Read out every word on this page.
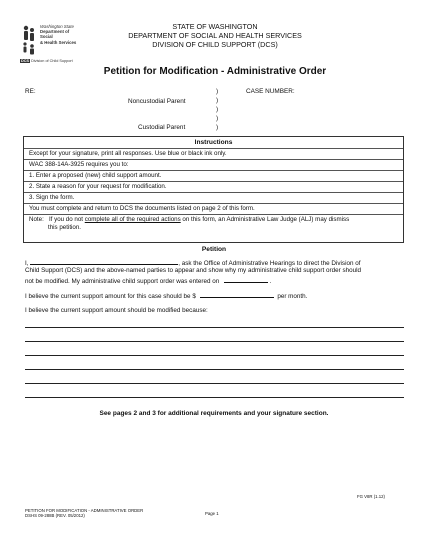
Washington State
Department of Social
& Health Services
DCS Division of Child Support
STATE OF WASHINGTON
DEPARTMENT OF SOCIAL AND HEALTH SERVICES
DIVISION OF CHILD SUPPORT (DCS)
Petition for Modification - Administrative Order
RE:
Noncustodial Parent
Custodial Parent
CASE NUMBER:
)
)
)
)
)
Instructions
Except for your signature, print all responses. Use blue or black ink only.
WAC 388-14A-3925 requires you to:
1. Enter a proposed (new) child support amount.
2. State a reason for your request for modification.
3. Sign the form.
You must complete and return to DCS the documents listed on page 2 of this form.
Note:   If you do not complete all of the required actions on this form, an Administrative Law Judge (ALJ) may dismiss
this petition.
Petition
I,	, ask the Office of Administrative Hearings to direct the Division of
Child Support (DCS) and the above-named parties to appear and show why my administrative child support order should
not be modified. My administrative child support order was entered on	.
I believe the current support amount for this case should be $	per month.
I believe the current support amount should be modified because:
See pages 2 and 3 for additional requirements and your signature section.
FG V8R (1.12)
PETITION FOR MODIFICATION - ADMINISTRATIVE ORDER
DSHS 09-288B (REV. 05/2012)	Page 1
